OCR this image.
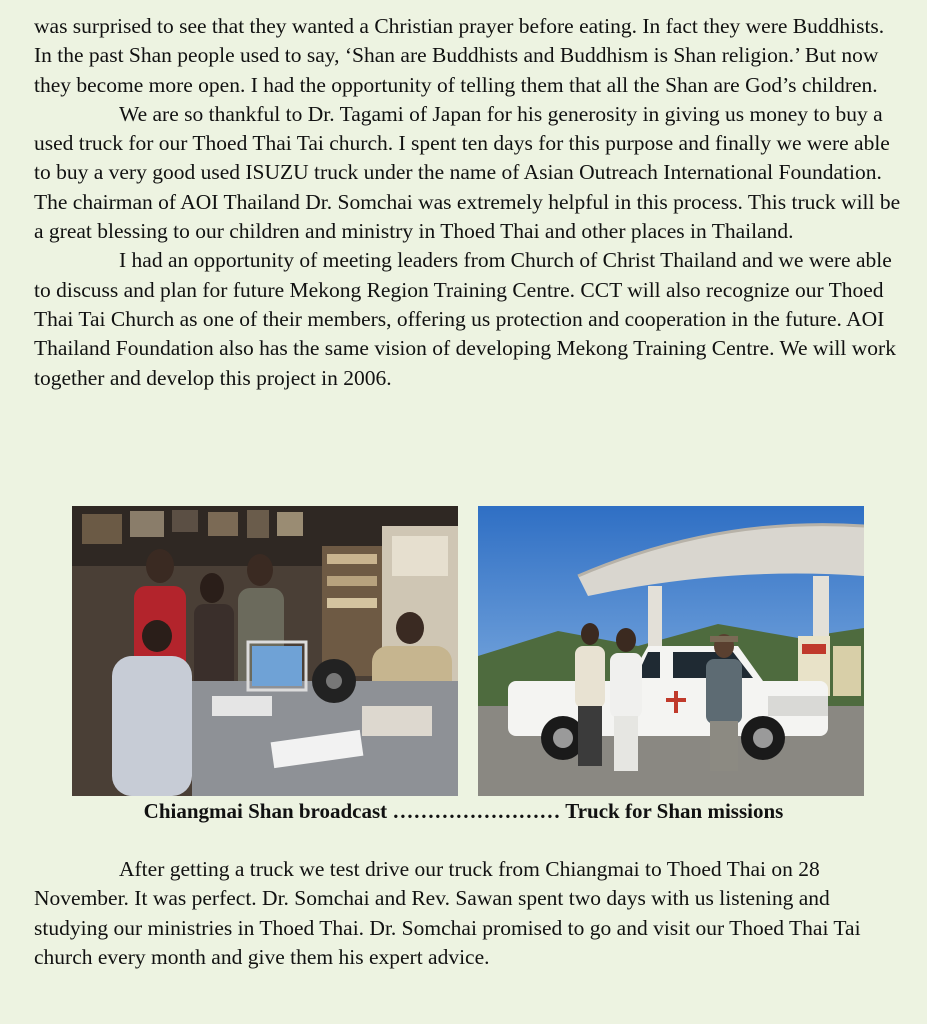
was surprised to see that they wanted a Christian prayer before eating. In fact they were Buddhists. In the past Shan people used to say, ‘Shan are Buddhists and Buddhism is Shan religion.’ But now they become more open. I had the opportunity of telling them that all the Shan are God’s children.

We are so thankful to Dr. Tagami of Japan for his generosity in giving us money to buy a used truck for our Thoed Thai Tai church. I spent ten days for this purpose and finally we were able to buy a very good used ISUZU truck under the name of Asian Outreach International Foundation. The chairman of AOI Thailand Dr. Somchai was extremely helpful in this process. This truck will be a great blessing to our children and ministry in Thoed Thai and other places in Thailand.

I had an opportunity of meeting leaders from Church of Christ Thailand and we were able to discuss and plan for future Mekong Region Training Centre. CCT will also recognize our Thoed Thai Tai Church as one of their members, offering us protection and cooperation in the future. AOI Thailand Foundation also has the same vision of developing Mekong Training Centre. We will work together and develop this project in 2006.

Chiangmai Shan broadcast …………………… Truck for Shan missions

After getting a truck we test drive our truck from Chiangmai to Thoed Thai on 28 November. It was perfect. Dr. Somchai and Rev. Sawan spent two days with us listening and studying our ministries in Thoed Thai. Dr. Somchai promised to go and visit our Thoed Thai Tai church every month and give them his expert advice.
